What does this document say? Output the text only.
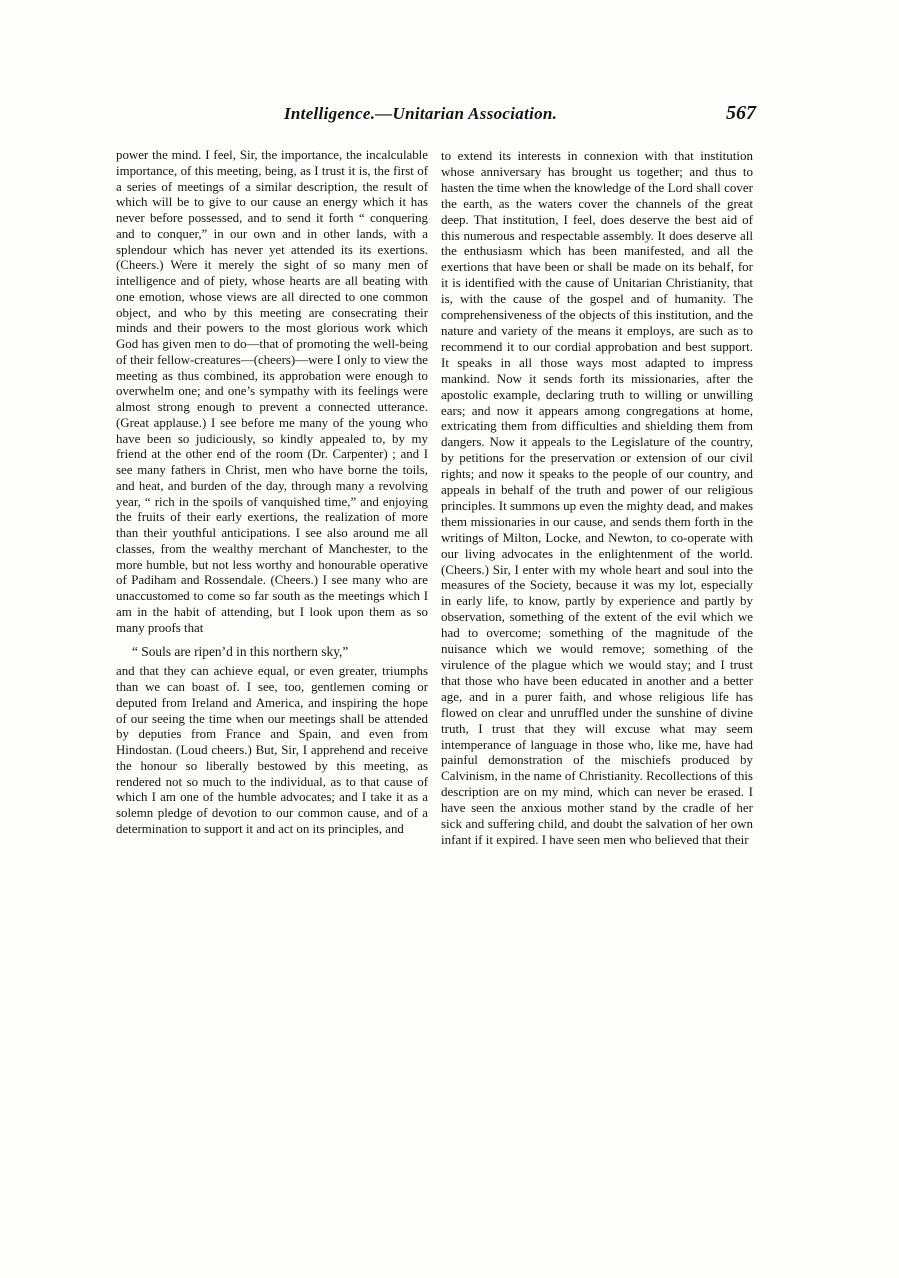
Intelligence.—Unitarian Association.	567

power the mind. I feel, Sir, the importance, the incalculable importance, of this meeting, being, as I trust it is, the first of a series of meetings of a similar description, the result of which will be to give to our cause an energy which it has never before possessed, and to send it forth “ conquering and to conquer,” in our own and in other lands, with a splendour which has never yet attended its its exertions. (Cheers.) Were it merely the sight of so many men of intelligence and of piety, whose hearts are all beating with one emotion, whose views are all directed to one common object, and who by this meeting are consecrating their minds and their powers to the most glorious work which God has given men to do—that of promoting the well-being of their fellow-creatures—(cheers)—were I only to view the meeting as thus combined, its approbation were enough to overwhelm one; and one’s sympathy with its feelings were almost strong enough to prevent a connected utterance. (Great applause.) I see before me many of the young who have been so judiciously, so kindly appealed to, by my friend at the other end of the room (Dr. Carpenter) ; and I see many fathers in Christ, men who have borne the toils, and heat, and burden of the day, through many a revolving year, “ rich in the spoils of vanquished time,” and enjoying the fruits of their early exertions, the realization of more than their youthful anticipations. I see also around me all classes, from the wealthy merchant of Manchester, to the more humble, but not less worthy and honourable operative of Padiham and Rossendale. (Cheers.) I see many who are unaccustomed to come so far south as the meetings which I am in the habit of attending, but I look upon them as so many proofs that

“ Souls are ripen’d in this northern sky,”

and that they can achieve equal, or even greater, triumphs than we can boast of. I see, too, gentlemen coming or deputed from Ireland and America, and inspiring the hope of our seeing the time when our meetings shall be attended by deputies from France and Spain, and even from Hindostan. (Loud cheers.) But, Sir, I apprehend and receive the honour so liberally bestowed by this meeting, as rendered not so much to the individual, as to that cause of which I am one of the humble advocates; and I take it as a solemn pledge of devotion to our common cause, and of a determination to support it and act on its principles, and

to extend its interests in connexion with that institution whose anniversary has brought us together; and thus to hasten the time when the knowledge of the Lord shall cover the earth, as the waters cover the channels of the great deep. That institution, I feel, does deserve the best aid of this numerous and respectable assembly. It does deserve all the enthusiasm which has been manifested, and all the exertions that have been or shall be made on its behalf, for it is identified with the cause of Unitarian Christianity, that is, with the cause of the gospel and of humanity. The comprehensiveness of the objects of this institution, and the nature and variety of the means it employs, are such as to recommend it to our cordial approbation and best support. It speaks in all those ways most adapted to impress mankind. Now it sends forth its missionaries, after the apostolic example, declaring truth to willing or unwilling ears; and now it appears among congregations at home, extricating them from difficulties and shielding them from dangers. Now it appeals to the Legislature of the country, by petitions for the preservation or extension of our civil rights; and now it speaks to the people of our country, and appeals in behalf of the truth and power of our religious principles. It summons up even the mighty dead, and makes them missionaries in our cause, and sends them forth in the writings of Milton, Locke, and Newton, to co-operate with our living advocates in the enlightenment of the world. (Cheers.) Sir, I enter with my whole heart and soul into the measures of the Society, because it was my lot, especially in early life, to know, partly by experience and partly by observation, something of the extent of the evil which we had to overcome; something of the magnitude of the nuisance which we would remove; something of the virulence of the plague which we would stay; and I trust that those who have been educated in another and a better age, and in a purer faith, and whose religious life has flowed on clear and unruffled under the sunshine of divine truth, I trust that they will excuse what may seem intemperance of language in those who, like me, have had painful demonstration of the mischiefs produced by Calvinism, in the name of Christianity. Recollections of this description are on my mind, which can never be erased. I have seen the anxious mother stand by the cradle of her sick and suffering child, and doubt the salvation of her own infant if it expired. I have seen men who believed that their
